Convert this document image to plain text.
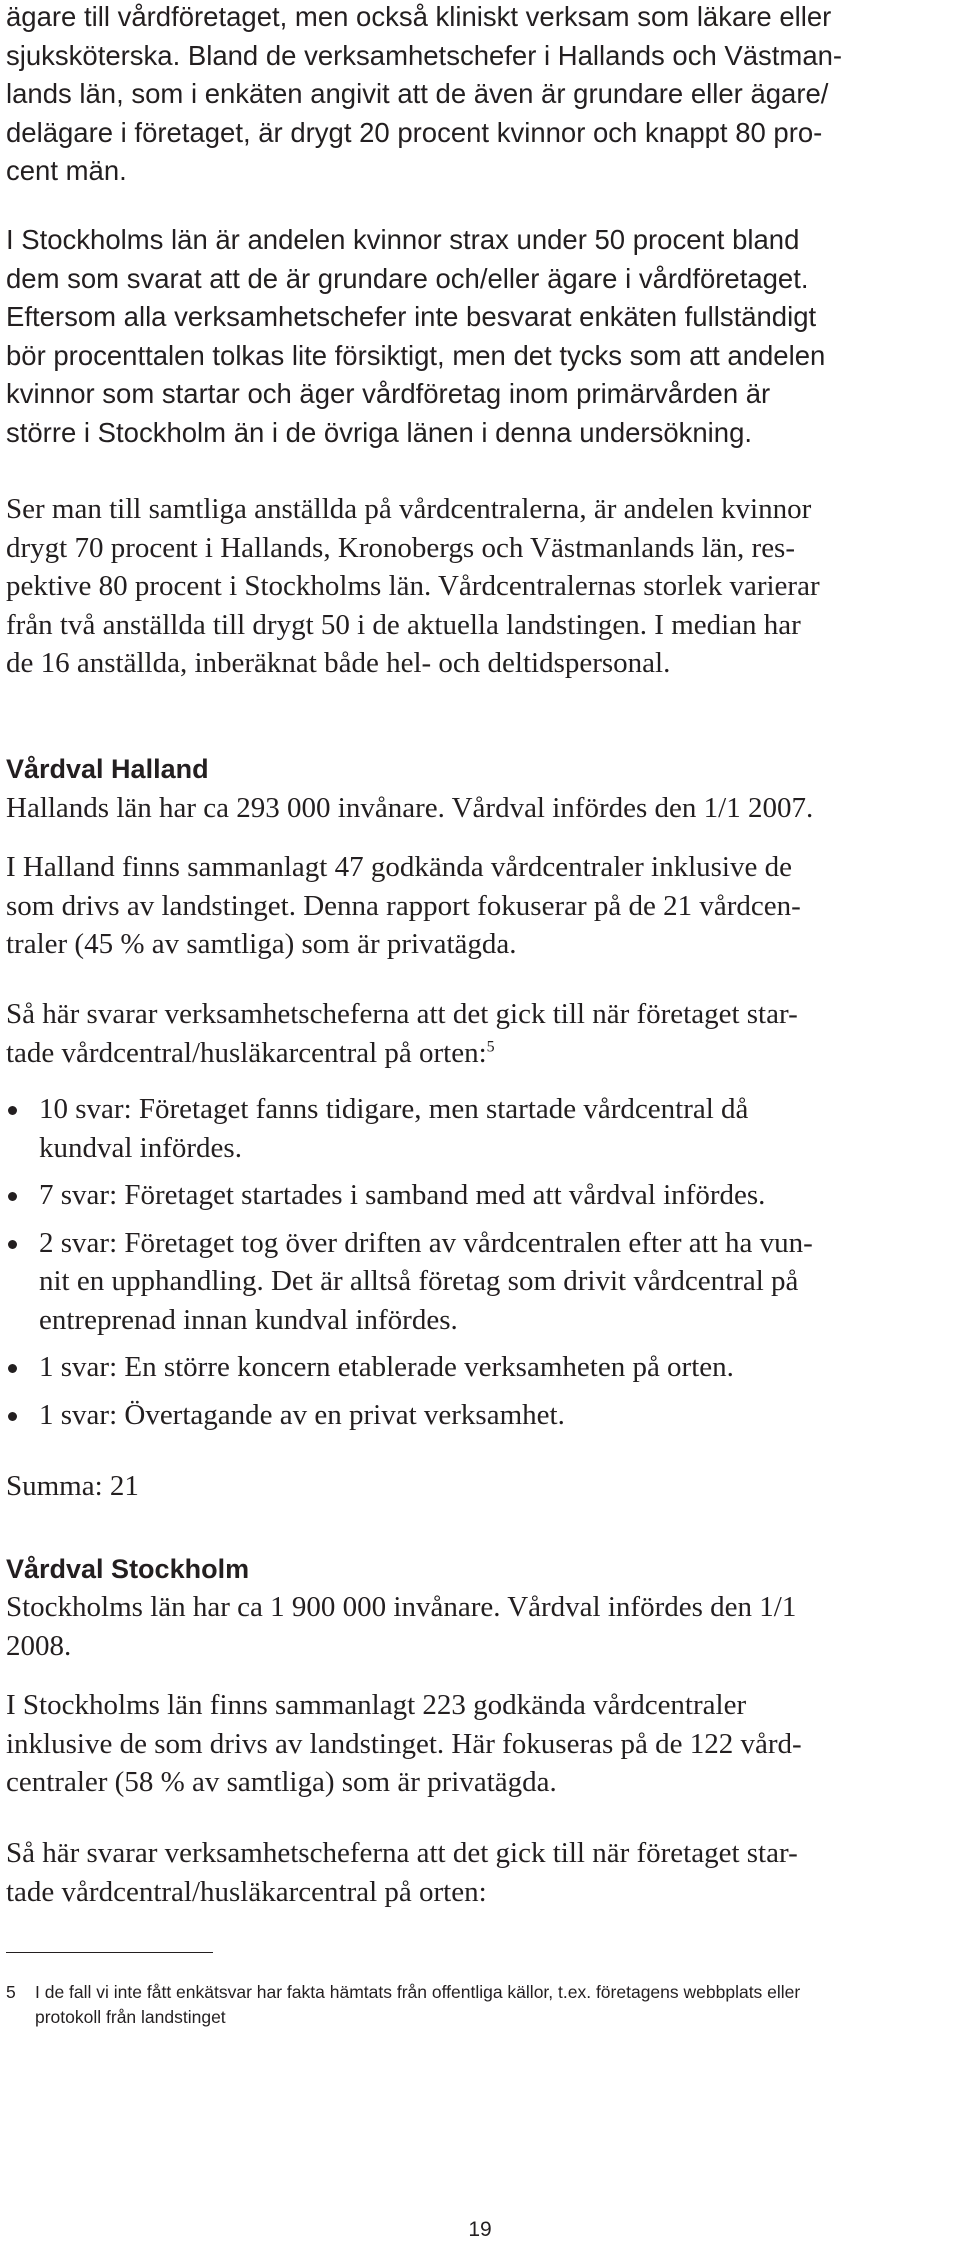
ägare till vårdföretaget, men också kliniskt verksam som läkare eller
sjuksköterska. Bland de verksamhetschefer i Hallands och Västman-
lands län, som i enkäten angivit att de även är grundare eller ägare/
delägare i företaget, är drygt 20 procent kvinnor och knappt 80 pro-
cent män.

I Stockholms län är andelen kvinnor strax under 50 procent bland
dem som svarat att de är grundare och/eller ägare i vårdföretaget.
Eftersom alla verksamhetschefer inte besvarat enkäten fullständigt
bör procenttalen tolkas lite försiktigt, men det tycks som att andelen
kvinnor som startar och äger vårdföretag inom primärvården är
större i Stockholm än i de övriga länen i denna undersökning.

Ser man till samtliga anställda på vårdcentralerna, är andelen kvinnor
drygt 70 procent i Hallands, Kronobergs och Västmanlands län, res-
pektive 80 procent i Stockholms län. Vårdcentralernas storlek varierar
från två anställda till drygt 50 i de aktuella landstingen. I median har
de 16 anställda, inberäknat både hel- och deltidspersonal.

Vårdval Halland

Hallands län har ca 293 000 invånare. Vårdval infördes den 1/1 2007.

I Halland finns sammanlagt 47 godkända vårdcentraler inklusive de
som drivs av landstinget. Denna rapport fokuserar på de 21 vårdcen-
traler (45 % av samtliga) som är privatägda.

Så här svarar verksamhetscheferna att det gick till när företaget star-
tade vårdcentral/husläkarcentral på orten:$^5$

10 svar: Företaget fanns tidigare, men startade vårdcentral då
kundval infördes.
7 svar: Företaget startades i samband med att vårdval infördes.
2 svar: Företaget tog över driften av vårdcentralen efter att ha vun-
nit en upphandling. Det är alltså företag som drivit vårdcentral på
entreprenad innan kundval infördes.
1 svar: En större koncern etablerade verksamheten på orten.
1 svar: Övertagande av en privat verksamhet.

Summa: 21

Vårdval Stockholm

Stockholms län har ca 1 900 000 invånare. Vårdval infördes den 1/1
2008.

I Stockholms län finns sammanlagt 223 godkända vårdcentraler
inklusive de som drivs av landstinget. Här fokuseras på de 122 vård-
centraler (58 % av samtliga) som är privatägda.

Så här svarar verksamhetscheferna att det gick till när företaget star-
tade vårdcentral/husläkarcentral på orten:

5 I de fall vi inte fått enkätsvar har fakta hämtats från offentliga källor, t.ex. företagens webbplats eller
protokoll från landstinget
19
